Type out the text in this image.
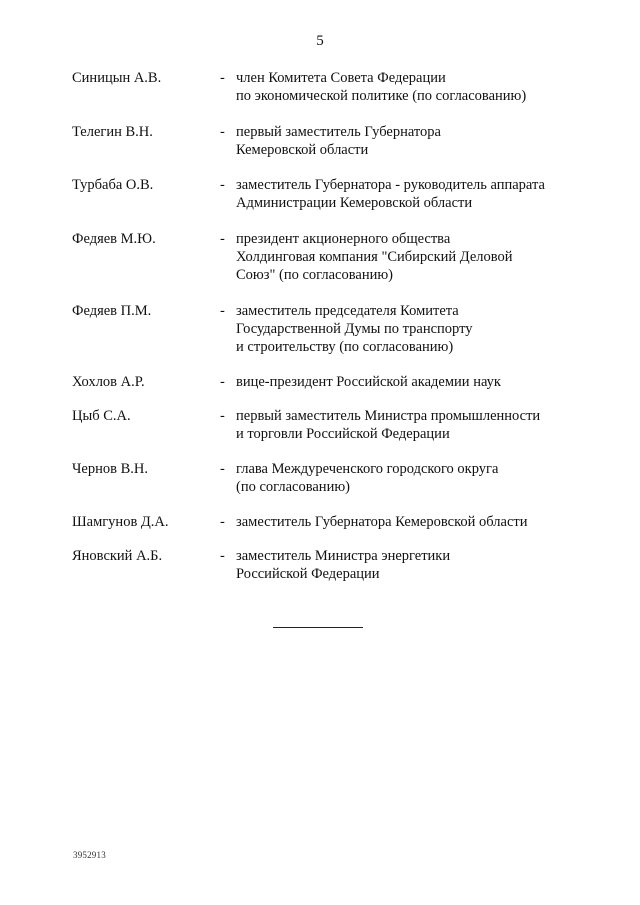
5
Синицын А.В.	- член Комитета Совета Федерации
по экономической политике (по согласованию)
Телегин В.Н.	- первый заместитель Губернатора
Кемеровской области
Турбаба О.В.	- заместитель Губернатора - руководитель аппарата
Администрации Кемеровской области
Федяев М.Ю.	- президент акционерного общества
Холдинговая компания "Сибирский Деловой
Союз" (по согласованию)
Федяев П.М.	- заместитель председателя Комитета
Государственной Думы по транспорту
и строительству (по согласованию)
Хохлов А.Р.	- вице-президент Российской академии наук
Цыб С.А.	- первый заместитель Министра промышленности
и торговли Российской Федерации
Чернов В.Н.	- глава Междуреченского городского округа
(по согласованию)
Шамгунов Д.А.	- заместитель Губернатора Кемеровской области
Яновский А.Б.	- заместитель Министра энергетики
Российской Федерации
3952913
